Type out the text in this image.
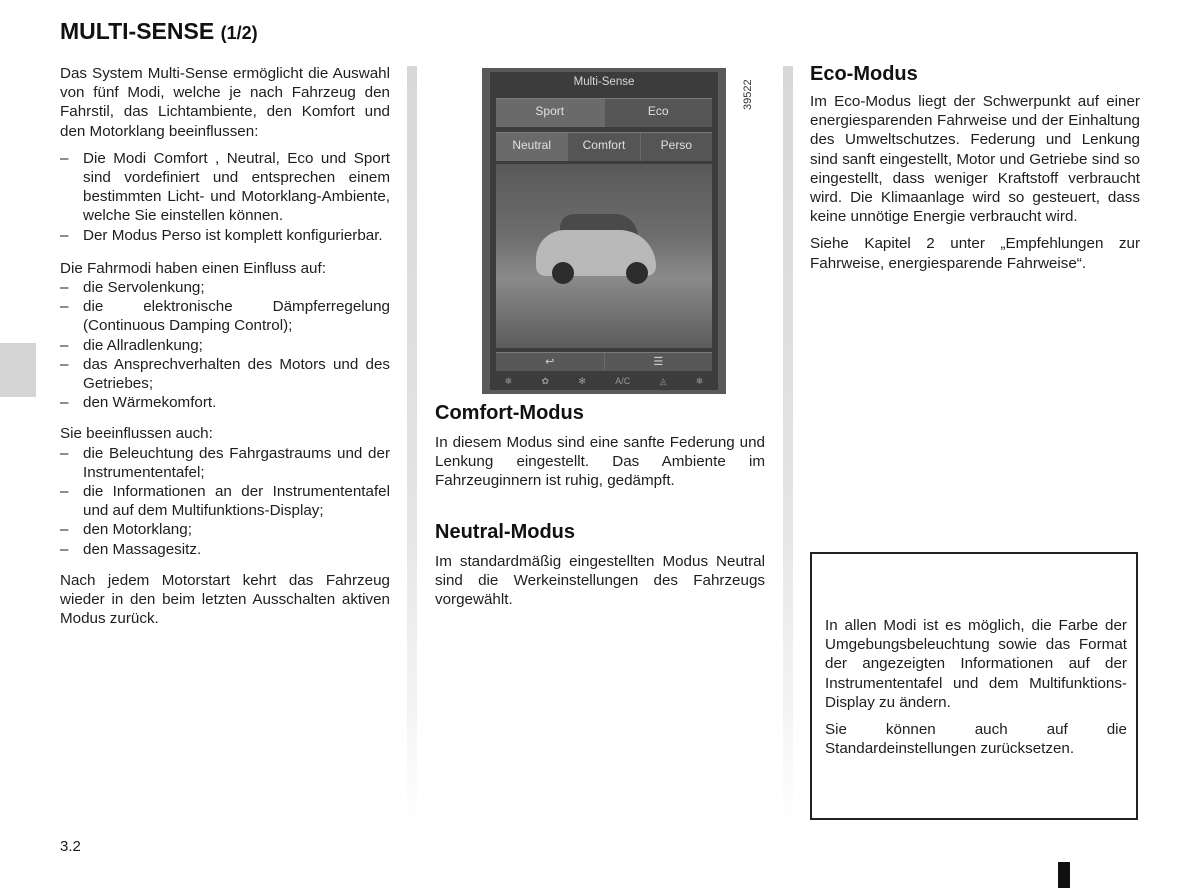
MULTI-SENSE (1/2)

Das System Multi-Sense ermöglicht die Auswahl von fünf Modi, welche je nach Fahrzeug den Fahrstil, das Lichtambiente, den Komfort und den Motorklang beeinflussen:

– Die Modi Comfort , Neutral, Eco und Sport sind vordefiniert und entsprechen einem bestimmten Licht- und Motorklang-Ambiente, welche Sie einstellen können.
– Der Modus Perso ist komplett konfigurierbar.

Die Fahrmodi haben einen Einfluss auf:

– die Servolenkung;
– die elektronische Dämpferregelung (Continuous Damping Control);
– die Allradlenkung;
– das Ansprechverhalten des Motors und des Getriebes;
– den Wärmekomfort.

Sie beeinflussen auch:

– die Beleuchtung des Fahrgastraums und der Instrumententafel;
– die Informationen an der Instrumententafel und auf dem Multifunktions-Display;
– den Motorklang;
– den Massagesitz.

Nach jedem Motorstart kehrt das Fahrzeug wieder in den beim letzten Ausschalten aktiven Modus zurück.

Multi-Sense
Sport	Eco
Neutral	Comfort	Perso
↩	☰
❄	✿	✻	A/C	◬	❄
39522
Comfort-Modus

In diesem Modus sind eine sanfte Federung und Lenkung eingestellt. Das Ambiente im Fahrzeuginnern ist ruhig, gedämpft.

Neutral-Modus

Im standardmäßig eingestellten Modus Neutral sind die Werkeinstellungen des Fahrzeugs vorgewählt.

Eco-Modus

Im Eco-Modus liegt der Schwerpunkt auf einer energiesparenden Fahrweise und der Einhaltung des Umweltschutzes. Federung und Lenkung sind sanft eingestellt, Motor und Getriebe sind so eingestellt, dass weniger Kraftstoff verbraucht wird. Die Klimaanlage wird so gesteuert, dass keine unnötige Energie verbraucht wird.

Siehe Kapitel 2 unter „Empfehlungen zur Fahrweise, energiesparende Fahrweise“.

In allen Modi ist es möglich, die Farbe der Umgebungsbeleuchtung sowie das Format der angezeigten Informationen auf der Instrumententafel und dem Multifunktions-Display zu ändern.

Sie können auch auf die Standardeinstellungen zurücksetzen.

3.2
